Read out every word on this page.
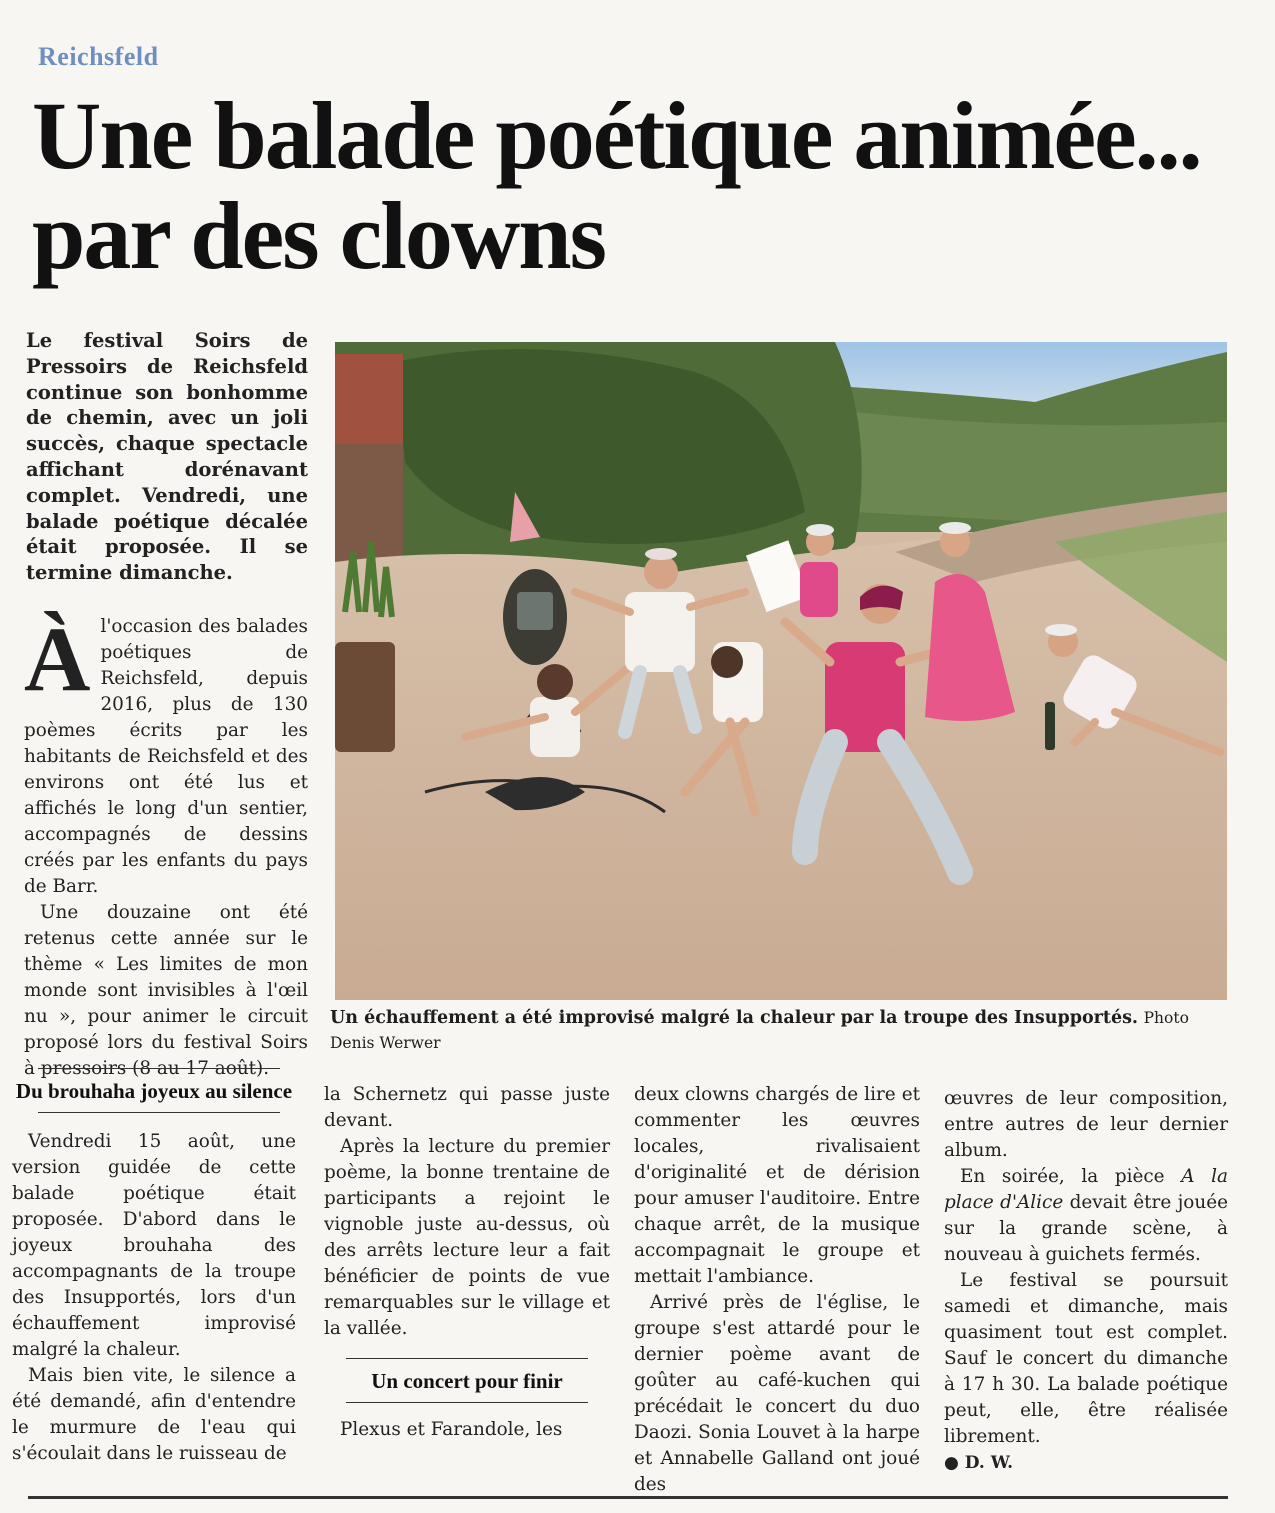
Reichsfeld
Une balade poétique animée... par des clowns

Le festival Soirs de Pressoirs de Reichsfeld continue son bonhomme de chemin, avec un joli succès, chaque spectacle affichant dorénavant complet. Vendredi, une balade poétique décalée était proposée. Il se termine dimanche.

Un échauffement a été improvisé malgré la chaleur par la troupe des Insupportés. Photo Denis Werwer

Àl'occasion des balades poétiques de Reichsfeld, depuis 2016, plus de 130 poèmes écrits par les habitants de Reichsfeld et des environs ont été lus et affichés le long d'un sentier, accompagnés de dessins créés par les enfants du pays de Barr.

Une douzaine ont été retenus cette année sur le thème « Les limites de mon monde sont invisibles à l'œil nu », pour animer le circuit proposé lors du festival Soirs à pressoirs (8 au 17 août).

Du brouhaha joyeux au silence

Vendredi 15 août, une version guidée de cette balade poétique était proposée. D'abord dans le joyeux brouhaha des accompagnants de la troupe des Insupportés, lors d'un échauffement improvisé malgré la chaleur.

Mais bien vite, le silence a été demandé, afin d'entendre le murmure de l'eau qui s'écoulait dans le ruisseau de

la Schernetz qui passe juste devant.

Après la lecture du premier poème, la bonne trentaine de participants a rejoint le vignoble juste au-dessus, où des arrêts lecture leur a fait bénéficier de points de vue remarquables sur le village et la vallée.

Un concert pour finir

Plexus et Farandole, les

deux clowns chargés de lire et commenter les œuvres locales, rivalisaient d'originalité et de dérision pour amuser l'auditoire. Entre chaque arrêt, de la musique accompagnait le groupe et mettait l'ambiance.

Arrivé près de l'église, le groupe s'est attardé pour le dernier poème avant de goûter au café-kuchen qui précédait le concert du duo Daozi. Sonia Louvet à la harpe et Annabelle Galland ont joué des

œuvres de leur composition, entre autres de leur dernier album.

En soirée, la pièce A la place d'Alice devait être jouée sur la grande scène, à nouveau à guichets fermés.

Le festival se poursuit samedi et dimanche, mais quasiment tout est complet. Sauf le concert du dimanche à 17 h 30. La balade poétique peut, elle, être réalisée librement.

● D. W.
